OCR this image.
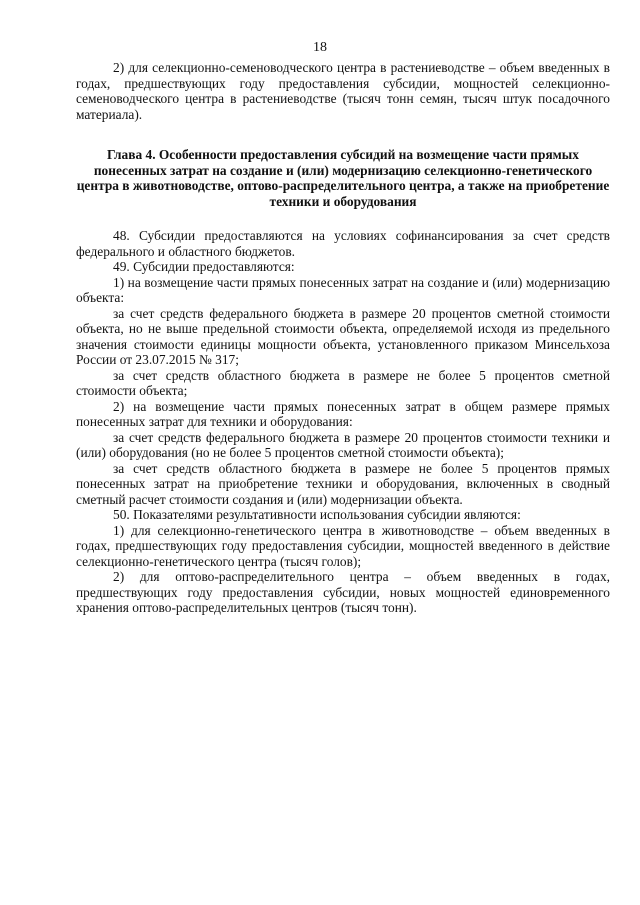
18

2) для селекционно-семеноводческого центра в растениеводстве – объем введенных в годах, предшествующих году предоставления субсидии, мощностей селекционно-семеноводческого центра в растениеводстве (тысяч тонн семян, тысяч штук посадочного материала).

Глава 4. Особенности предоставления субсидий на возмещение части прямых понесенных затрат на создание и (или) модернизацию селекционно-генетического центра в животноводстве, оптово-распределительного центра, а также на приобретение техники и оборудования

48. Субсидии предоставляются на условиях софинансирования за счет средств федерального и областного бюджетов.

49. Субсидии предоставляются:

1) на возмещение части прямых понесенных затрат на создание и (или) модернизацию объекта:

за счет средств федерального бюджета в размере 20 процентов сметной стоимости объекта, но не выше предельной стоимости объекта, определяемой исходя из предельного значения стоимости единицы мощности объекта, установленного приказом Минсельхоза России от 23.07.2015 № 317;

за счет средств областного бюджета в размере не более 5 процентов сметной стоимости объекта;

2) на возмещение части прямых понесенных затрат в общем размере прямых понесенных затрат для техники и оборудования:

за счет средств федерального бюджета в размере 20 процентов стоимости техники и (или) оборудования (но не более 5 процентов сметной стоимости объекта);

за счет средств областного бюджета в размере не более 5 процентов прямых понесенных затрат на приобретение техники и оборудования, включенных в сводный сметный расчет стоимости создания и (или) модернизации объекта.

50. Показателями результативности использования субсидии являются:

1) для селекционно-генетического центра в животноводстве – объем введенных в годах, предшествующих году предоставления субсидии, мощностей введенного в действие селекционно-генетического центра (тысяч голов);

2) для оптово-распределительного центра – объем введенных в годах, предшествующих году предоставления субсидии, новых мощностей единовременного хранения оптово-распределительных центров (тысяч тонн).
